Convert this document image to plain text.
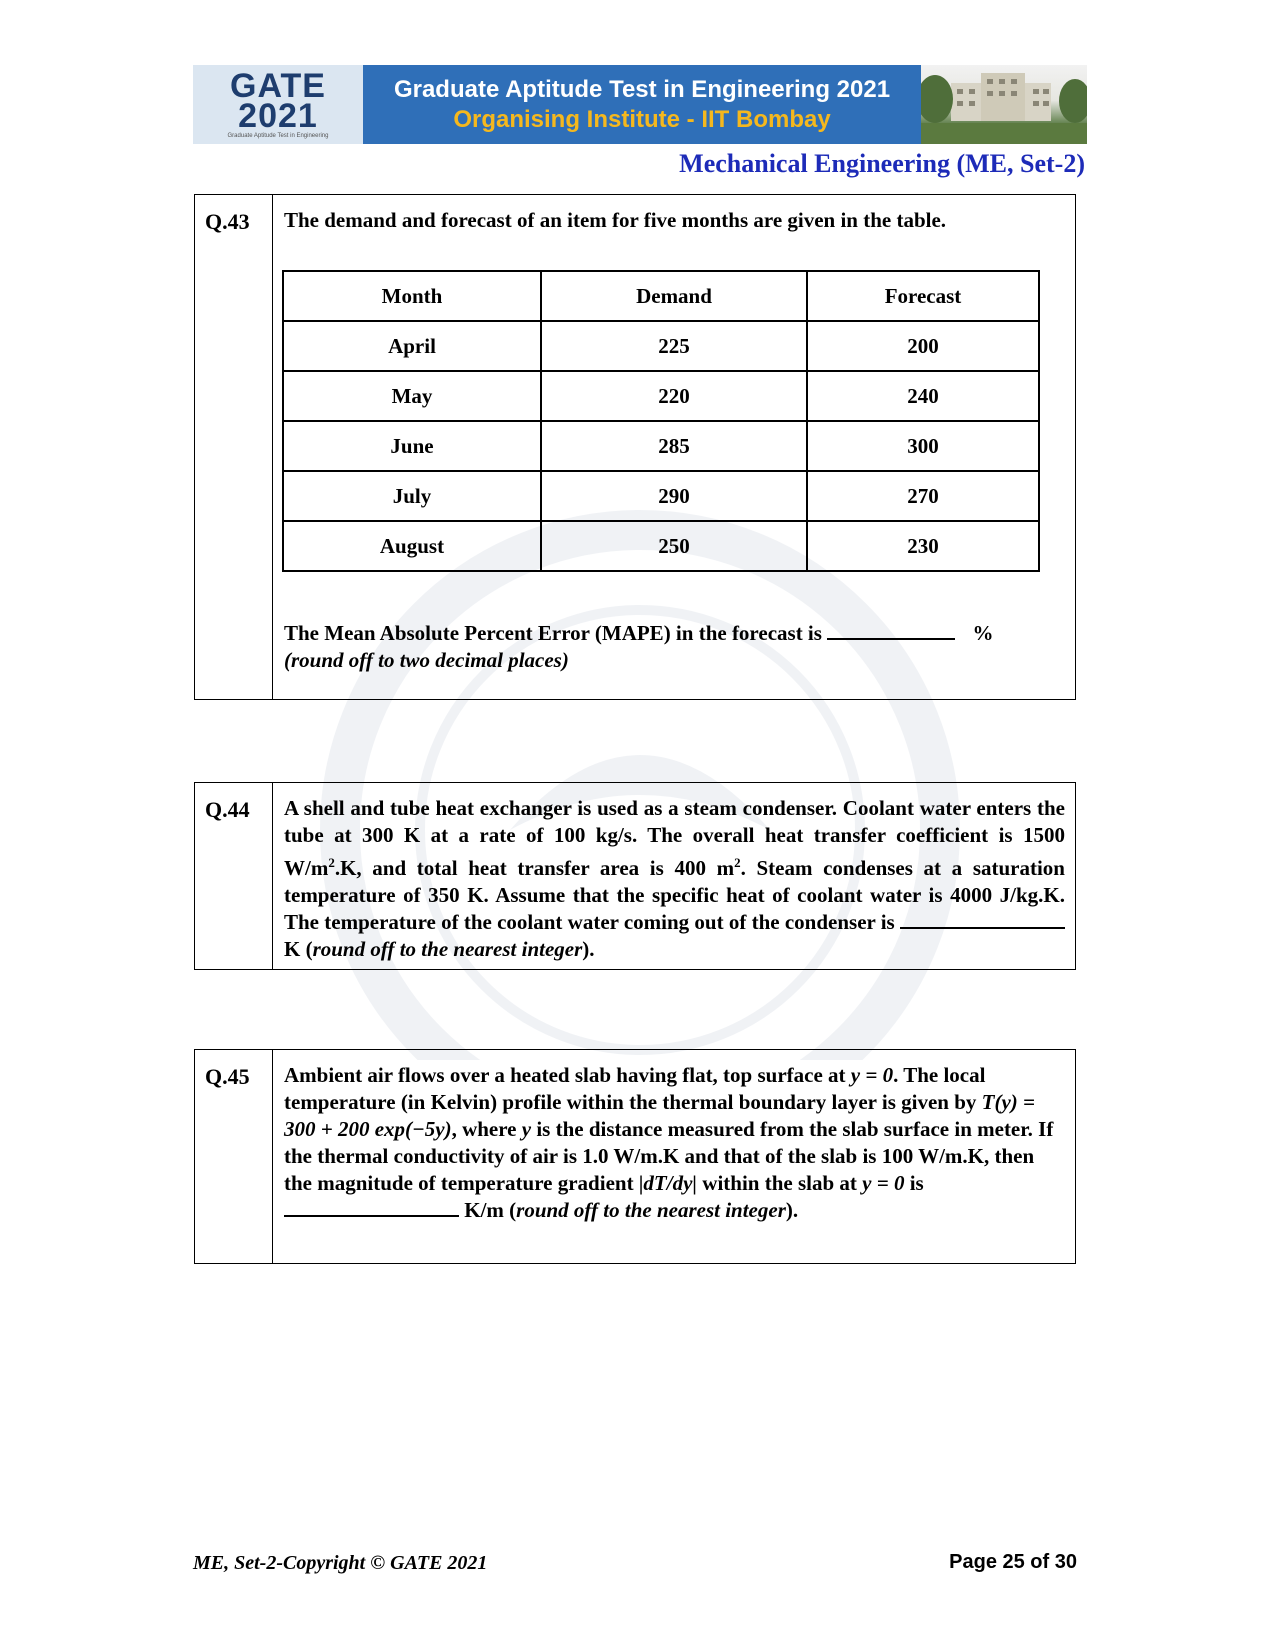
GATE
2021
Graduate Aptitude Test in Engineering
Graduate Aptitude Test in Engineering 2021
Organising Institute - IIT Bombay
Mechanical Engineering (ME, Set-2)
Q.43	The demand and forecast of an item for five months are given in the table.
Month	Demand	Forecast
April	225	200
May	220	240
June	285	300
July	290	270
August	250	230
The Mean Absolute Percent Error (MAPE) in the forecast is	%
(round off to two decimal places)
Q.44	A shell and tube heat exchanger is used as a steam condenser. Coolant water enters the tube at 300 K at a rate of 100 kg/s. The overall heat transfer coefficient is 1500 $W/m^2.K$, and total heat transfer area is 400 $m^2$. Steam condenses at a saturation temperature of 350 K. Assume that the specific heat of coolant water is 4000 J/kg.K. The temperature of the coolant water coming out of the condenser is  K (round off to the nearest integer).
Q.45	Ambient air flows over a heated slab having flat, top surface at y = 0. The local temperature (in Kelvin) profile within the thermal boundary layer is given by T(y) = 300 + 200 exp(−5y), where y is the distance measured from the slab surface in meter. If the thermal conductivity of air is 1.0 W/m.K and that of the slab is 100 W/m.K, then the magnitude of temperature gradient |dT/dy| within the slab at y = 0 is  K/m (round off to the nearest integer).
ME, Set-2-Copyright © GATE 2021	Page 25 of 30
